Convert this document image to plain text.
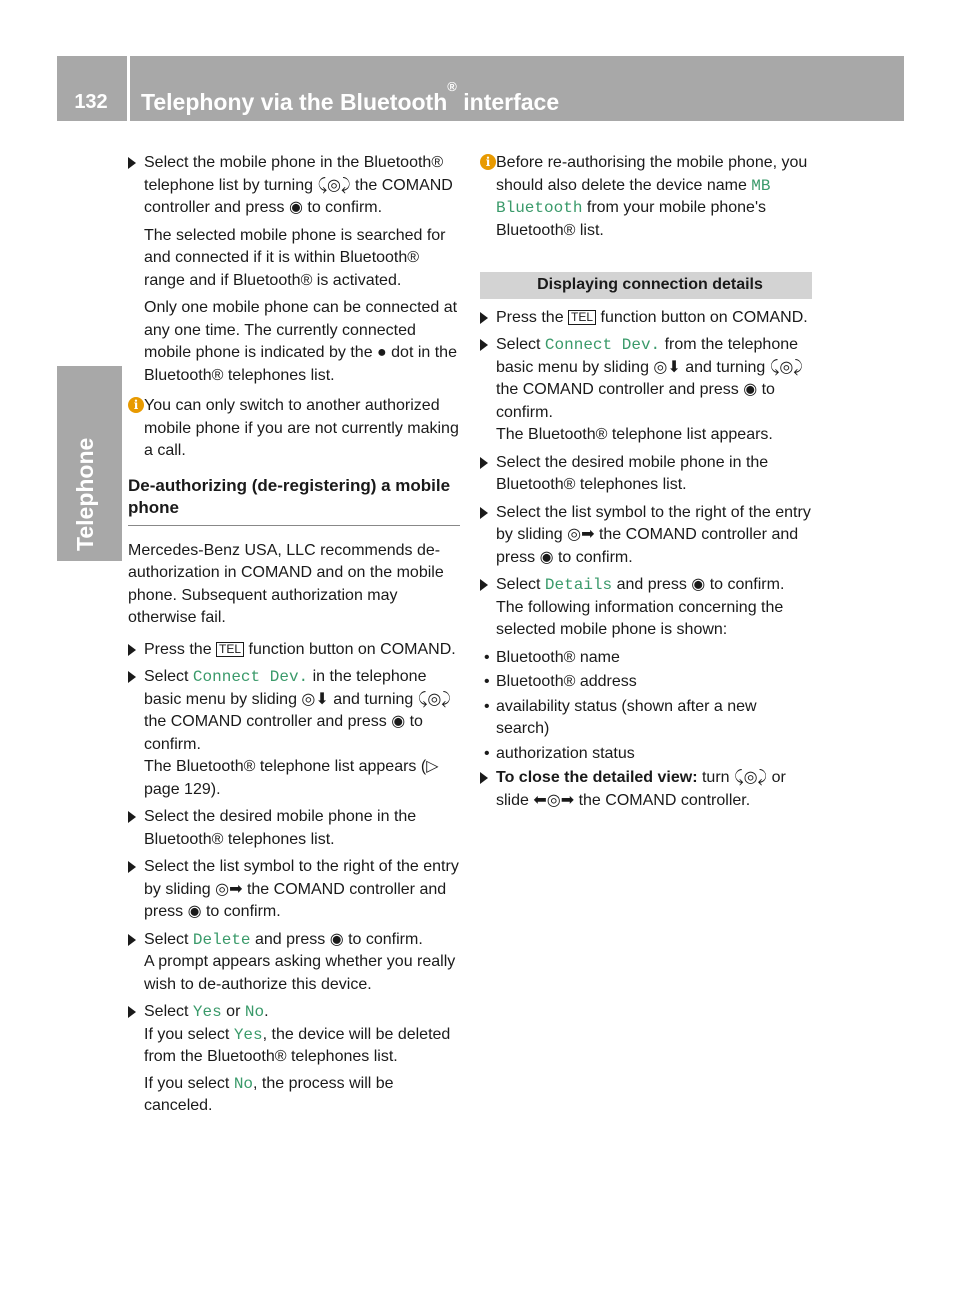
132	Telephony via the Bluetooth® interface
Telephone
Select the mobile phone in the Bluetooth® telephone list by turning ⤹◎⤸ the COMAND controller and press ◉ to confirm.
The selected mobile phone is searched for and connected if it is within Bluetooth® range and if Bluetooth® is activated.
Only one mobile phone can be connected at any one time. The currently connected mobile phone is indicated by the ● dot in the Bluetooth® telephones list.
i You can only switch to another authorized mobile phone if you are not currently making a call.
De-authorizing (de-registering) a mobile phone
Mercedes-Benz USA, LLC recommends de-authorization in COMAND and on the mobile phone. Subsequent authorization may otherwise fail.
Press the TEL function button on COMAND.
Select Connect Dev. in the telephone basic menu by sliding ◎⬇ and turning ⤹◎⤸ the COMAND controller and press ◉ to confirm.
The Bluetooth® telephone list appears (▷ page 129).
Select the desired mobile phone in the Bluetooth® telephones list.
Select the list symbol to the right of the entry by sliding ◎➡ the COMAND controller and press ◉ to confirm.
Select Delete and press ◉ to confirm.
A prompt appears asking whether you really wish to de-authorize this device.
Select Yes or No.
If you select Yes, the device will be deleted from the Bluetooth® telephones list.
If you select No, the process will be canceled.
i Before re-authorising the mobile phone, you should also delete the device name MB Bluetooth from your mobile phone's Bluetooth® list.
Displaying connection details
Press the TEL function button on COMAND.
Select Connect Dev. from the telephone basic menu by sliding ◎⬇ and turning ⤹◎⤸ the COMAND controller and press ◉ to confirm.
The Bluetooth® telephone list appears.
Select the desired mobile phone in the Bluetooth® telephones list.
Select the list symbol to the right of the entry by sliding ◎➡ the COMAND controller and press ◉ to confirm.
Select Details and press ◉ to confirm.
The following information concerning the selected mobile phone is shown:
• Bluetooth® name
• Bluetooth® address
• availability status (shown after a new search)
• authorization status
To close the detailed view: turn ⤹◎⤸ or slide ⬅◎➡ the COMAND controller.
